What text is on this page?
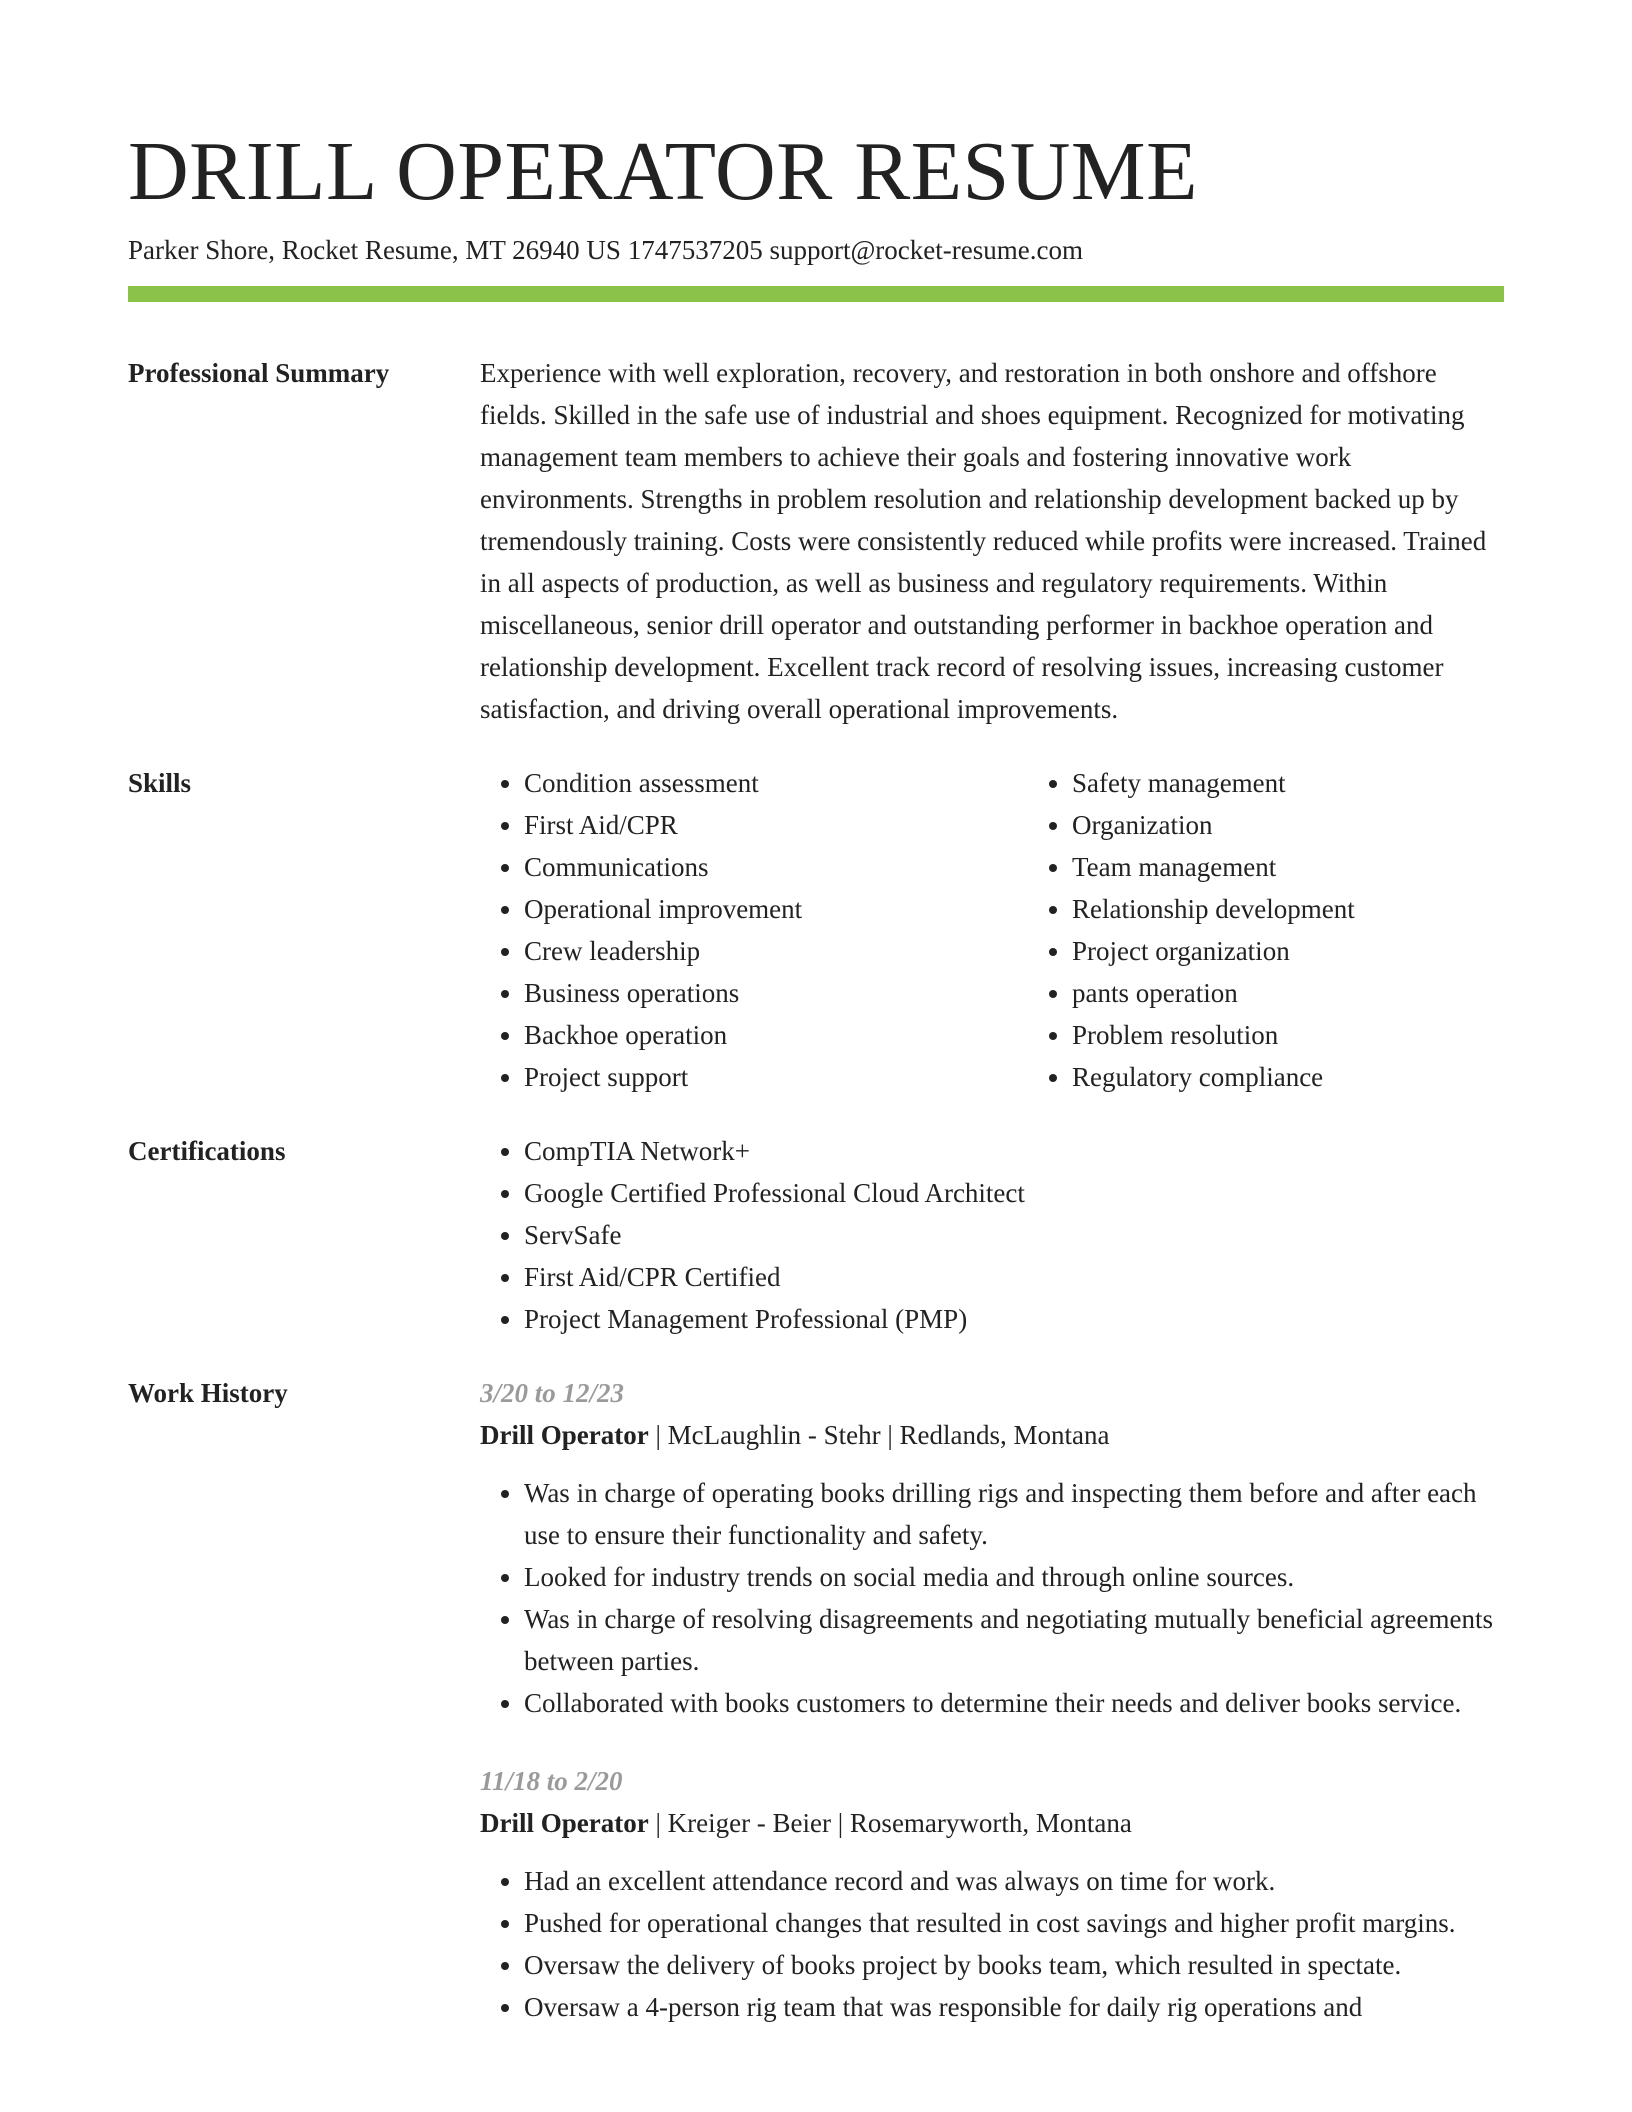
DRILL OPERATOR RESUME
Parker Shore, Rocket Resume, MT 26940 US 1747537205 support@rocket-resume.com
Professional Summary	Experience with well exploration, recovery, and restoration in both onshore and offshore fields. Skilled in the safe use of industrial and shoes equipment. Recognized for motivating management team members to achieve their goals and fostering innovative work environments. Strengths in problem resolution and relationship development backed up by tremendously training. Costs were consistently reduced while profits were increased. Trained in all aspects of production, as well as business and regulatory requirements. Within miscellaneous, senior drill operator and outstanding performer in backhoe operation and relationship development. Excellent track record of resolving issues, increasing customer satisfaction, and driving overall operational improvements.

Skills	• Condition assessment
• First Aid/CPR
• Communications
• Operational improvement
• Crew leadership
• Business operations
• Backhoe operation
• Project support
• Safety management
• Organization
• Team management
• Relationship development
• Project organization
• pants operation
• Problem resolution
• Regulatory compliance
Certifications	• CompTIA Network+
• Google Certified Professional Cloud Architect
• ServSafe
• First Aid/CPR Certified
• Project Management Professional (PMP)
Work History	3/20 to 12/23
Drill Operator | McLaughlin - Stehr | Redlands, Montana
• Was in charge of operating books drilling rigs and inspecting them before and after each use to ensure their functionality and safety.
• Looked for industry trends on social media and through online sources.
• Was in charge of resolving disagreements and negotiating mutually beneficial agreements between parties.
• Collaborated with books customers to determine their needs and deliver books service.
11/18 to 2/20
Drill Operator | Kreiger - Beier | Rosemaryworth, Montana
• Had an excellent attendance record and was always on time for work.
• Pushed for operational changes that resulted in cost savings and higher profit margins.
• Oversaw the delivery of books project by books team, which resulted in spectate.
• Oversaw a 4-person rig team that was responsible for daily rig operations and
